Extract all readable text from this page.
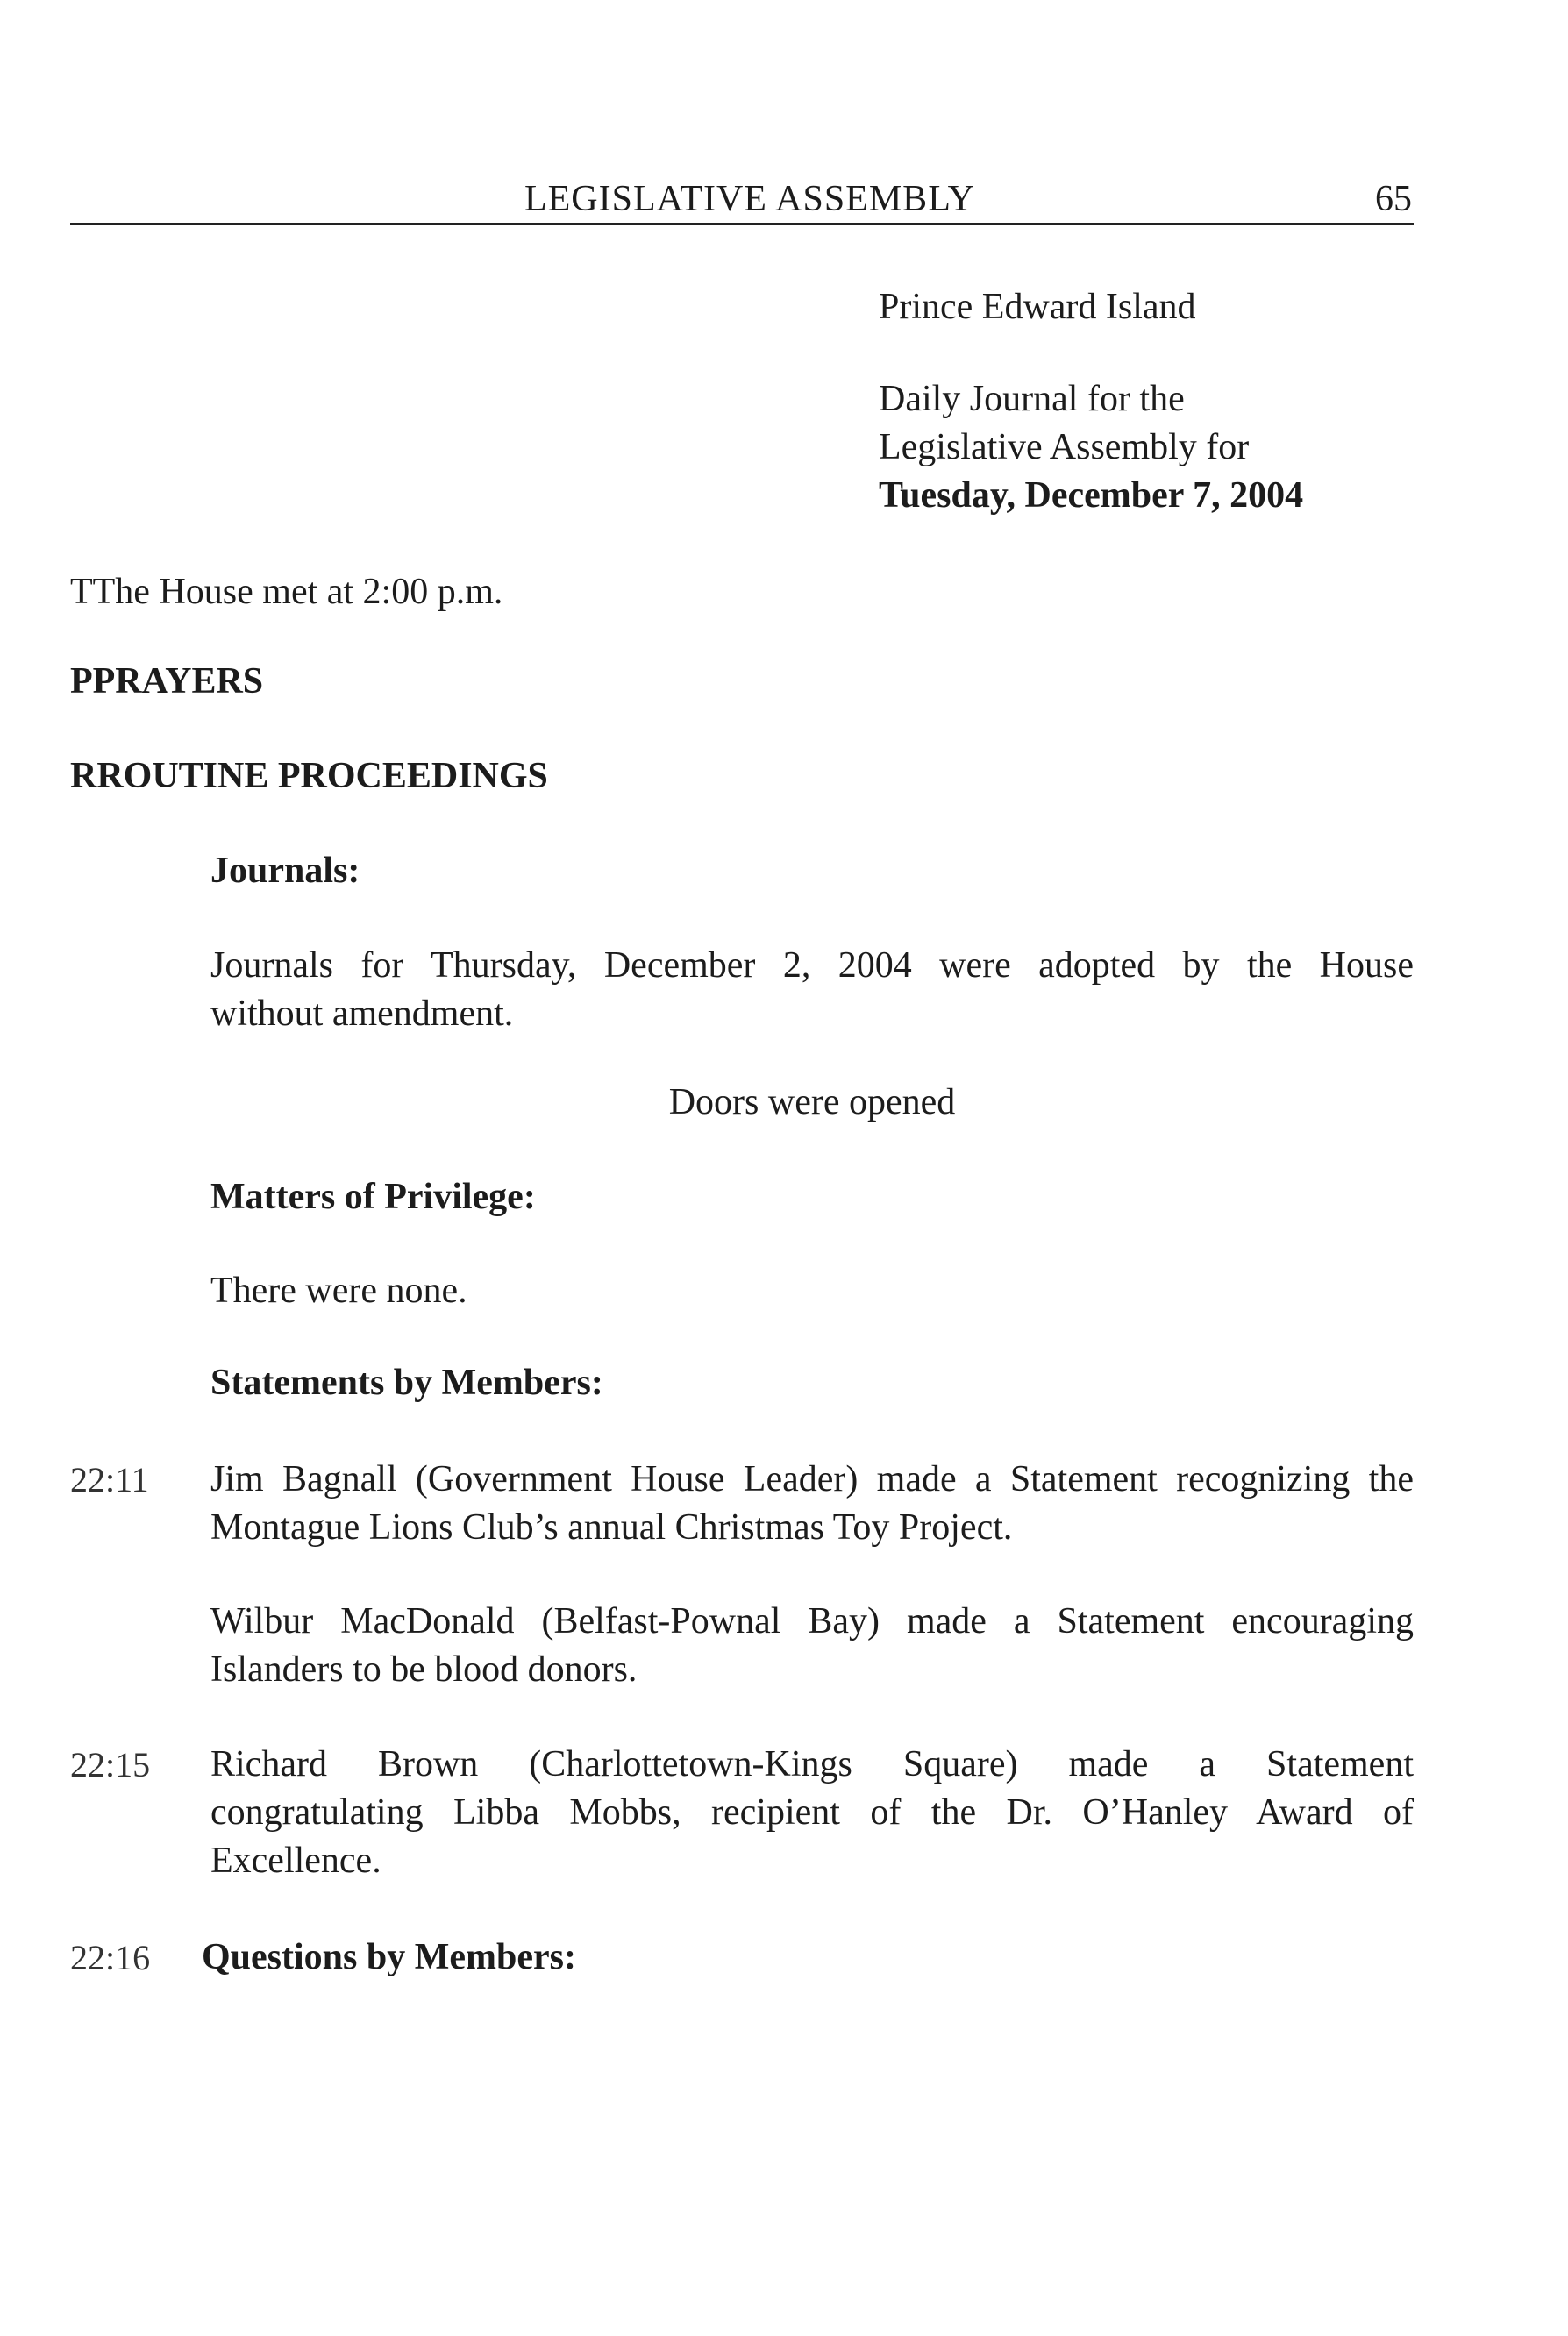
LEGISLATIVE ASSEMBLY	65
Prince Edward Island
Daily Journal for the
Legislative Assembly for
Tuesday, December 7, 2004
TThe House met at 2:00 p.m.
PPRAYERS
RROUTINE PROCEEDINGS
Journals:
Journals for Thursday, December 2, 2004 were adopted by the House
without amendment.
Doors were opened
Matters of Privilege:
There were none.
Statements by Members:
22:11 Jim Bagnall (Government House Leader) made a Statement recognizing the
Montague Lions Club’s annual Christmas Toy Project.
Wilbur MacDonald (Belfast-Pownal Bay) made a Statement encouraging
Islanders to be blood donors.
22:15 Richard Brown (Charlottetown-Kings Square) made a Statement
congratulating Libba Mobbs, recipient of the Dr. O’Hanley Award of
Excellence.
22:16 Questions by Members:
